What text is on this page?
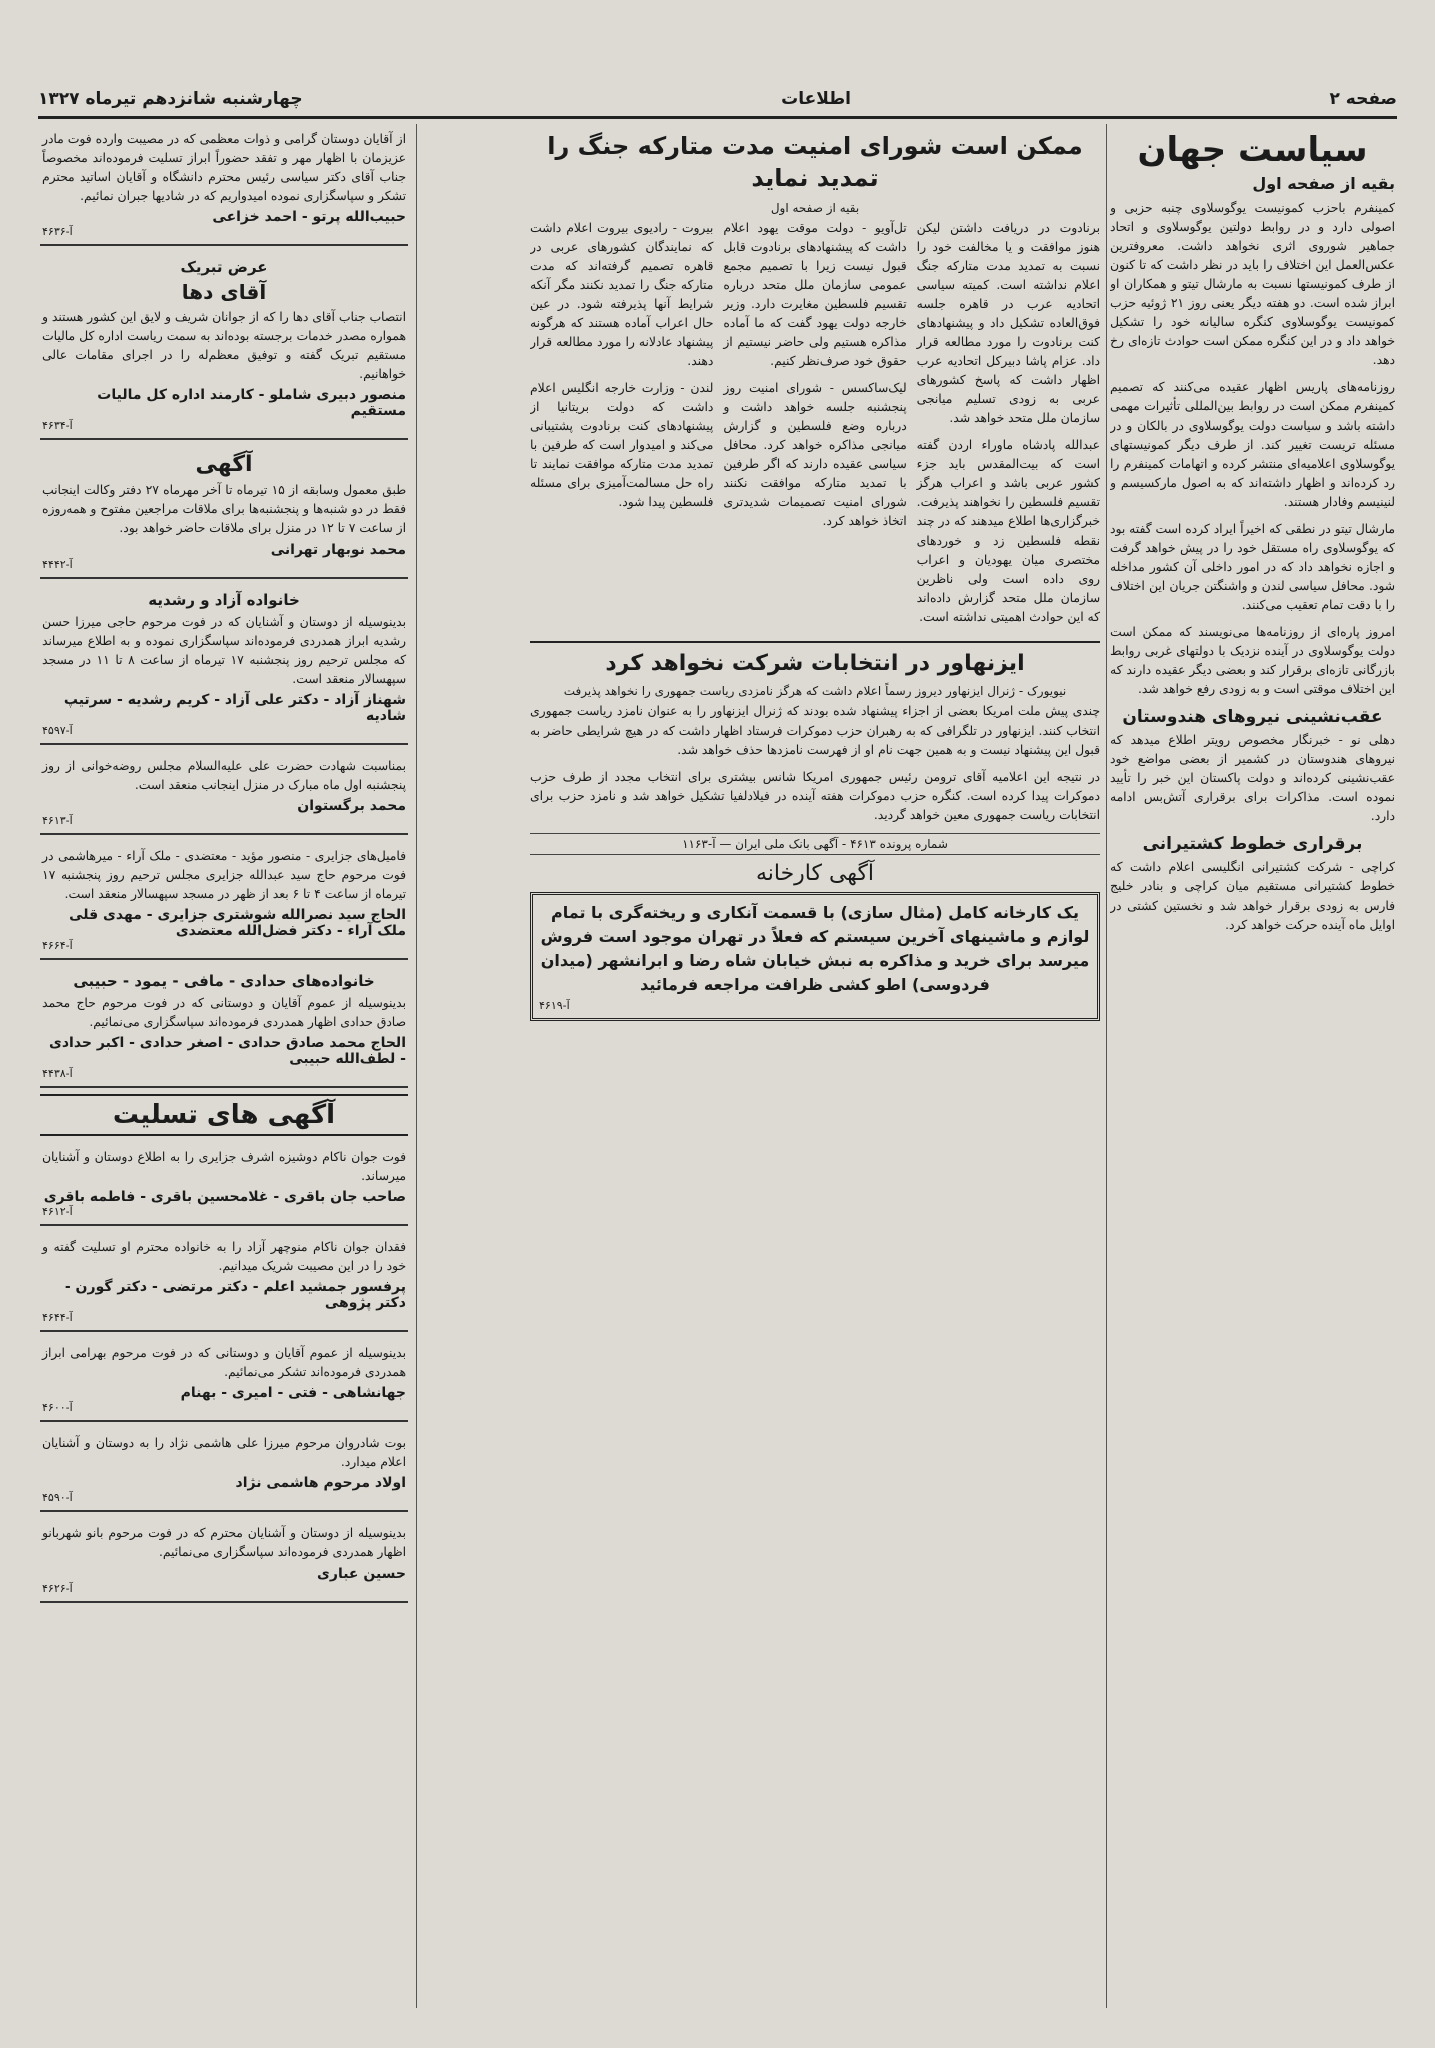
صفحه ۲
اطلاعات
چهارشنبه شانزدهم تیرماه ۱۳۲۷
سیاست جهان
بقیه از صفحه اول
کمینفرم باحزب کمونیست یوگوسلاوی چنبه حزبی و اصولی دارد و در روابط دولتین یوگوسلاوی و اتحاد جماهیر شوروی اثری نخواهد داشت. معروفترین عکس‌العمل این اختلاف را باید در نظر داشت که تا کنون از طرف کمونیستها نسبت به مارشال تیتو و همکاران او ابراز شده است. دو هفته دیگر یعنی روز ۲۱ ژوئیه حزب کمونیست یوگوسلاوی کنگره سالیانه خود را تشکیل خواهد داد و در این کنگره ممکن است حوادث تازه‌ای رخ دهد.
روزنامه‌های پاریس اظهار عقیده می‌کنند که تصمیم کمینفرم ممکن است در روابط بین‌المللی تأثیرات مهمی داشته باشد و سیاست دولت یوگوسلاوی در بالکان و در مسئله تریست تغییر کند. از طرف دیگر کمونیستهای یوگوسلاوی اعلامیه‌ای منتشر کرده و اتهامات کمینفرم را رد کرده‌اند و اظهار داشته‌اند که به اصول مارکسیسم و لنینیسم وفادار هستند.
مارشال تیتو در نطقی که اخیراً ایراد کرده است گفته بود که یوگوسلاوی راه مستقل خود را در پیش خواهد گرفت و اجازه نخواهد داد که در امور داخلی آن کشور مداخله شود. محافل سیاسی لندن و واشنگتن جریان این اختلاف را با دقت تمام تعقیب می‌کنند.
امروز پاره‌ای از روزنامه‌ها می‌نویسند که ممکن است دولت یوگوسلاوی در آینده نزدیک با دولتهای غربی روابط بازرگانی تازه‌ای برقرار کند و بعضی دیگر عقیده دارند که این اختلاف موقتی است و به زودی رفع خواهد شد.
عقب‌نشینی نیروهای هندوستان
دهلی نو - خبرنگار مخصوص رویتر اطلاع میدهد که نیروهای هندوستان در کشمیر از بعضی مواضع خود عقب‌نشینی کرده‌اند و دولت پاکستان این خبر را تأیید نموده است. مذاکرات برای برقراری آتش‌بس ادامه دارد.
برقراری خطوط کشتیرانی
کراچی - شرکت کشتیرانی انگلیسی اعلام داشت که خطوط کشتیرانی مستقیم میان کراچی و بنادر خلیج فارس به زودی برقرار خواهد شد و نخستین کشتی در اوایل ماه آینده حرکت خواهد کرد.
ممکن است شورای امنیت مدت متارکه جنگ را تمدید نماید
بقیه از صفحه اول
برنادوت در دریافت داشتن لیکن هنوز موافقت و یا مخالفت خود را نسبت به تمدید مدت متارکه جنگ اعلام نداشته است. کمیته سیاسی اتحادیه عرب در قاهره جلسه فوق‌العاده تشکیل داد و پیشنهادهای کنت برنادوت را مورد مطالعه قرار داد. عزام پاشا دبیرکل اتحادیه عرب اظهار داشت که پاسخ کشورهای عربی به زودی تسلیم میانجی سازمان ملل متحد خواهد شد.
عبدالله پادشاه ماوراء اردن گفته است که بیت‌المقدس باید جزء کشور عربی باشد و اعراب هرگز تقسیم فلسطین را نخواهند پذیرفت. خبرگزاری‌ها اطلاع میدهند که در چند نقطه فلسطین زد و خوردهای مختصری میان یهودیان و اعراب روی داده است ولی ناظرین سازمان ملل متحد گزارش داده‌اند که این حوادث اهمیتی نداشته است.
تل‌آویو - دولت موقت یهود اعلام داشت که پیشنهادهای برنادوت قابل قبول نیست زیرا با تصمیم مجمع عمومی سازمان ملل متحد درباره تقسیم فلسطین مغایرت دارد. وزیر خارجه دولت یهود گفت که ما آماده مذاکره هستیم ولی حاضر نیستیم از حقوق خود صرف‌نظر کنیم.
لیک‌ساکسس - شورای امنیت روز پنجشنبه جلسه خواهد داشت و درباره وضع فلسطین و گزارش میانجی مذاکره خواهد کرد. محافل سیاسی عقیده دارند که اگر طرفین با تمدید متارکه موافقت نکنند شورای امنیت تصمیمات شدیدتری اتخاذ خواهد کرد.
بیروت - رادیوی بیروت اعلام داشت که نمایندگان کشورهای عربی در قاهره تصمیم گرفته‌اند که مدت متارکه جنگ را تمدید نکنند مگر آنکه شرایط آنها پذیرفته شود. در عین حال اعراب آماده هستند که هرگونه پیشنهاد عادلانه را مورد مطالعه قرار دهند.
لندن - وزارت خارجه انگلیس اعلام داشت که دولت بریتانیا از پیشنهادهای کنت برنادوت پشتیبانی می‌کند و امیدوار است که طرفین با تمدید مدت متارکه موافقت نمایند تا راه حل مسالمت‌آمیزی برای مسئله فلسطین پیدا شود.
ایزنهاور در انتخابات شرکت نخواهد کرد
نیویورک - ژنرال ایزنهاور دیروز رسماً اعلام داشت که هرگز نامزدی ریاست جمهوری را نخواهد پذیرفت
چندی پیش ملت امریکا بعضی از اجزاء پیشنهاد شده بودند که ژنرال ایزنهاور را به عنوان نامزد ریاست جمهوری انتخاب کنند. ایزنهاور در تلگرافی که به رهبران حزب دموکرات فرستاد اظهار داشت که در هیچ شرایطی حاضر به قبول این پیشنهاد نیست و به همین جهت نام او از فهرست نامزدها حذف خواهد شد.
در نتیجه این اعلامیه آقای ترومن رئیس جمهوری امریکا شانس بیشتری برای انتخاب مجدد از طرف حزب دموکرات پیدا کرده است. کنگره حزب دموکرات هفته آینده در فیلادلفیا تشکیل خواهد شد و نامزد حزب برای انتخابات ریاست جمهوری معین خواهد گردید.
شماره پرونده ۴۶۱۳ - آگهی بانک ملی ایران — آ-۱۱۶۳
آگهی کارخانه
یک کارخانه کامل (مثال سازی) با قسمت آنکاری و ریخته‌گری با تمام لوازم و ماشینهای آخرین سیستم که فعلاً در تهران موجود است فروش میرسد برای خرید و مذاکره به نبش خیابان شاه رضا و ابرانشهر (میدان فردوسی) اطو کشی ظرافت مراجعه فرمائید
آ-۴۶۱۹
از آقایان دوستان گرامی و ذوات معظمی که در مصیبت وارده فوت مادر عزیزمان با اظهار مهر و تفقد حضوراً ابراز تسلیت فرموده‌اند مخصوصاً جناب آقای دکتر سیاسی رئیس محترم دانشگاه و آقایان اساتید محترم تشکر و سپاسگزاری نموده امیدواریم که در شادیها جبران نمائیم.
حبیب‌الله پرتو - احمد خزاعی
آ-۴۶۳۶
عرض تبریک
آقای دها
انتصاب جناب آقای دها را که از جوانان شریف و لایق این کشور هستند و همواره مصدر خدمات برجسته بوده‌اند به سمت ریاست اداره کل مالیات مستقیم تبریک گفته و توفیق معظم‌له را در اجرای مقامات عالی خواهانیم.
منصور دبیری شاملو - کارمند اداره کل مالیات مستقیم
آ-۴۶۳۴
آگهی
طبق معمول وسابقه از ۱۵ تیرماه تا آخر مهرماه ۲۷ دفتر وکالت اینجانب فقط در دو شنبه‌ها و پنجشنبه‌ها برای ملاقات مراجعین مفتوح و همه‌روزه از ساعت ۷ تا ۱۲ در منزل برای ملاقات حاضر خواهد بود.
محمد نوبهار تهرانی
آ-۴۴۴۲
خانواده آزاد و رشدیه
بدینوسیله از دوستان و آشنایان که در فوت مرحوم حاجی میرزا حسن رشدیه ابراز همدردی فرموده‌اند سپاسگزاری نموده و به اطلاع میرساند که مجلس ترحیم روز پنجشنبه ۱۷ تیرماه از ساعت ۸ تا ۱۱ در مسجد سپهسالار منعقد است.
شهناز آزاد - دکتر علی آزاد - کریم رشدیه - سرتیپ شادیه
آ-۴۵۹۷
بمناسبت شهادت حضرت علی علیه‌السلام مجلس روضه‌خوانی از روز پنجشنبه اول ماه مبارک در منزل اینجانب منعقد است.
محمد برگستوان
آ-۴۶۱۳
فامیل‌های جزایری - منصور مؤید - معتضدی - ملک آراء - میرهاشمی در فوت مرحوم حاج سید عبدالله جزایری مجلس ترحیم روز پنجشنبه ۱۷ تیرماه از ساعت ۴ تا ۶ بعد از ظهر در مسجد سپهسالار منعقد است.
الحاج سید نصرالله شوشتری جزایری - مهدی قلی ملک آراء - دکتر فضل‌الله معتضدی
آ-۴۶۶۴
خانواده‌های حدادی - مافی - یمود - حبیبی
بدینوسیله از عموم آقایان و دوستانی که در فوت مرحوم حاج محمد صادق حدادی اظهار همدردی فرموده‌اند سپاسگزاری می‌نمائیم.
الحاج محمد صادق حدادی - اصغر حدادی - اکبر حدادی - لطف‌الله حبیبی
آ-۴۴۳۸
آگهی های تسلیت
فوت جوان ناکام دوشیزه اشرف جزایری را به اطلاع دوستان و آشنایان میرساند.
صاحب جان باقری - غلامحسین باقری - فاطمه باقری
آ-۴۶۱۲
فقدان جوان ناکام منوچهر آزاد را به خانواده محترم او تسلیت گفته و خود را در این مصیبت شریک میدانیم.
پرفسور جمشید اعلم - دکتر مرتضی - دکتر گورن - دکتر پژوهی
آ-۴۶۴۴
بدینوسیله از عموم آقایان و دوستانی که در فوت مرحوم بهرامی ابراز همدردی فرموده‌اند تشکر می‌نمائیم.
جهانشاهی - فتی - امیری - بهنام
آ-۴۶۰۰
بوت شادروان مرحوم میرزا علی هاشمی نژاد را به دوستان و آشنایان اعلام میدارد.
اولاد مرحوم هاشمی نژاد
آ-۴۵۹۰
بدینوسیله از دوستان و آشنایان محترم که در فوت مرحوم بانو شهربانو اظهار همدردی فرموده‌اند سپاسگزاری می‌نمائیم.
حسین عباری
آ-۴۶۲۶
